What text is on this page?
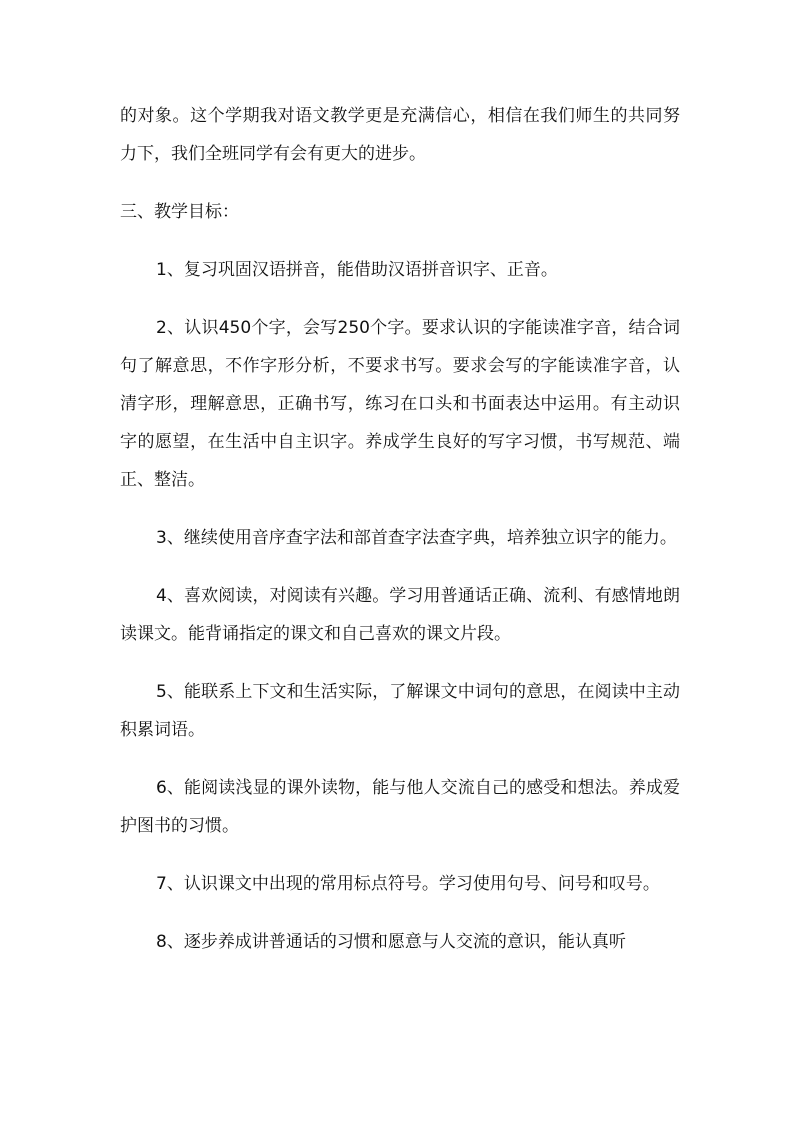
的对象。这个学期我对语文教学更是充满信心，相信在我们师生的共同努力下，我们全班同学有会有更大的进步。

三、教学目标：

1、复习巩固汉语拼音，能借助汉语拼音识字、正音。

2、认识450个字，会写250个字。要求认识的字能读准字音，结合词句了解意思，不作字形分析，不要求书写。要求会写的字能读准字音，认清字形，理解意思，正确书写，练习在口头和书面表达中运用。有主动识字的愿望，在生活中自主识字。养成学生良好的写字习惯，书写规范、端正、整洁。

3、继续使用音序查字法和部首查字法查字典，培养独立识字的能力。

4、喜欢阅读，对阅读有兴趣。学习用普通话正确、流利、有感情地朗读课文。能背诵指定的课文和自己喜欢的课文片段。

5、能联系上下文和生活实际，了解课文中词句的意思，在阅读中主动积累词语。

6、能阅读浅显的课外读物，能与他人交流自己的感受和想法。养成爱护图书的习惯。

7、认识课文中出现的常用标点符号。学习使用句号、问号和叹号。

8、逐步养成讲普通话的习惯和愿意与人交流的意识，能认真听
